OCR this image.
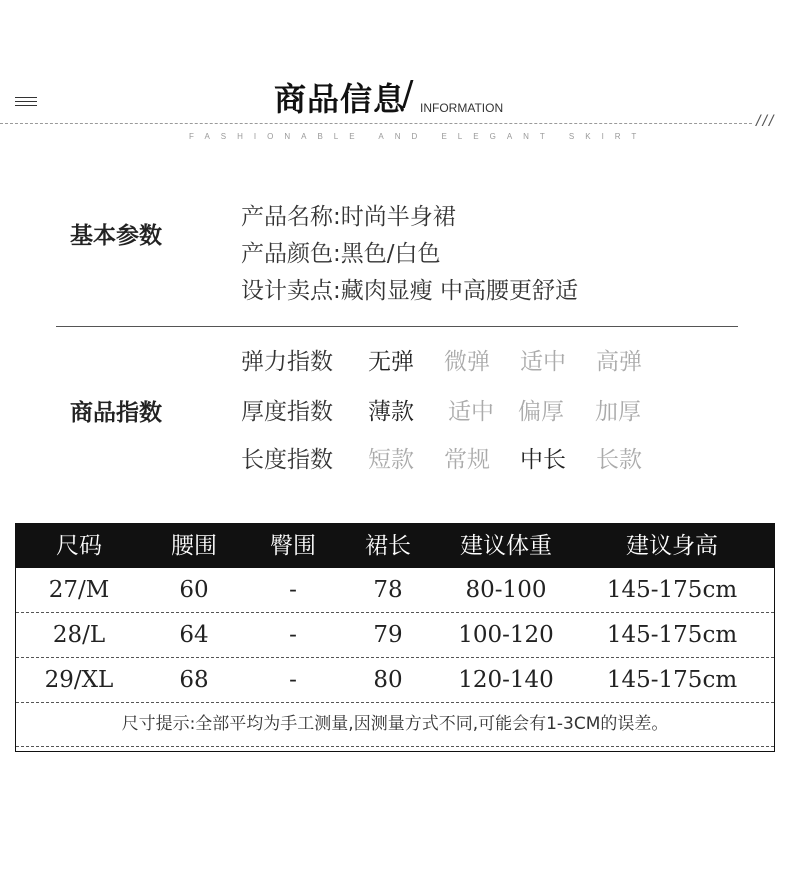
商品信息
/ INFORMATION
///
FASHIONABLE AND ELEGANT SKIRT
基本参数
产品名称:时尚半身裙
产品颜色:黑色/白色
设计卖点:藏肉显瘦 中高腰更舒适
商品指数
弹力指数 无弹 微弹 适中 高弹
厚度指数 薄款 适中 偏厚 加厚
长度指数 短款 常规 中长 长款
尺码	腰围 臀围 裙长 建议体重	建议身高
27/M	60	-	78	80-100	145-175cm
28/L	64	-	79 100-120 145-175cm
29/XL	68	-	80 120-140 145-175cm
尺寸提示:全部平均为手工测量,因测量方式不同,可能会有1-3CM的误差。
